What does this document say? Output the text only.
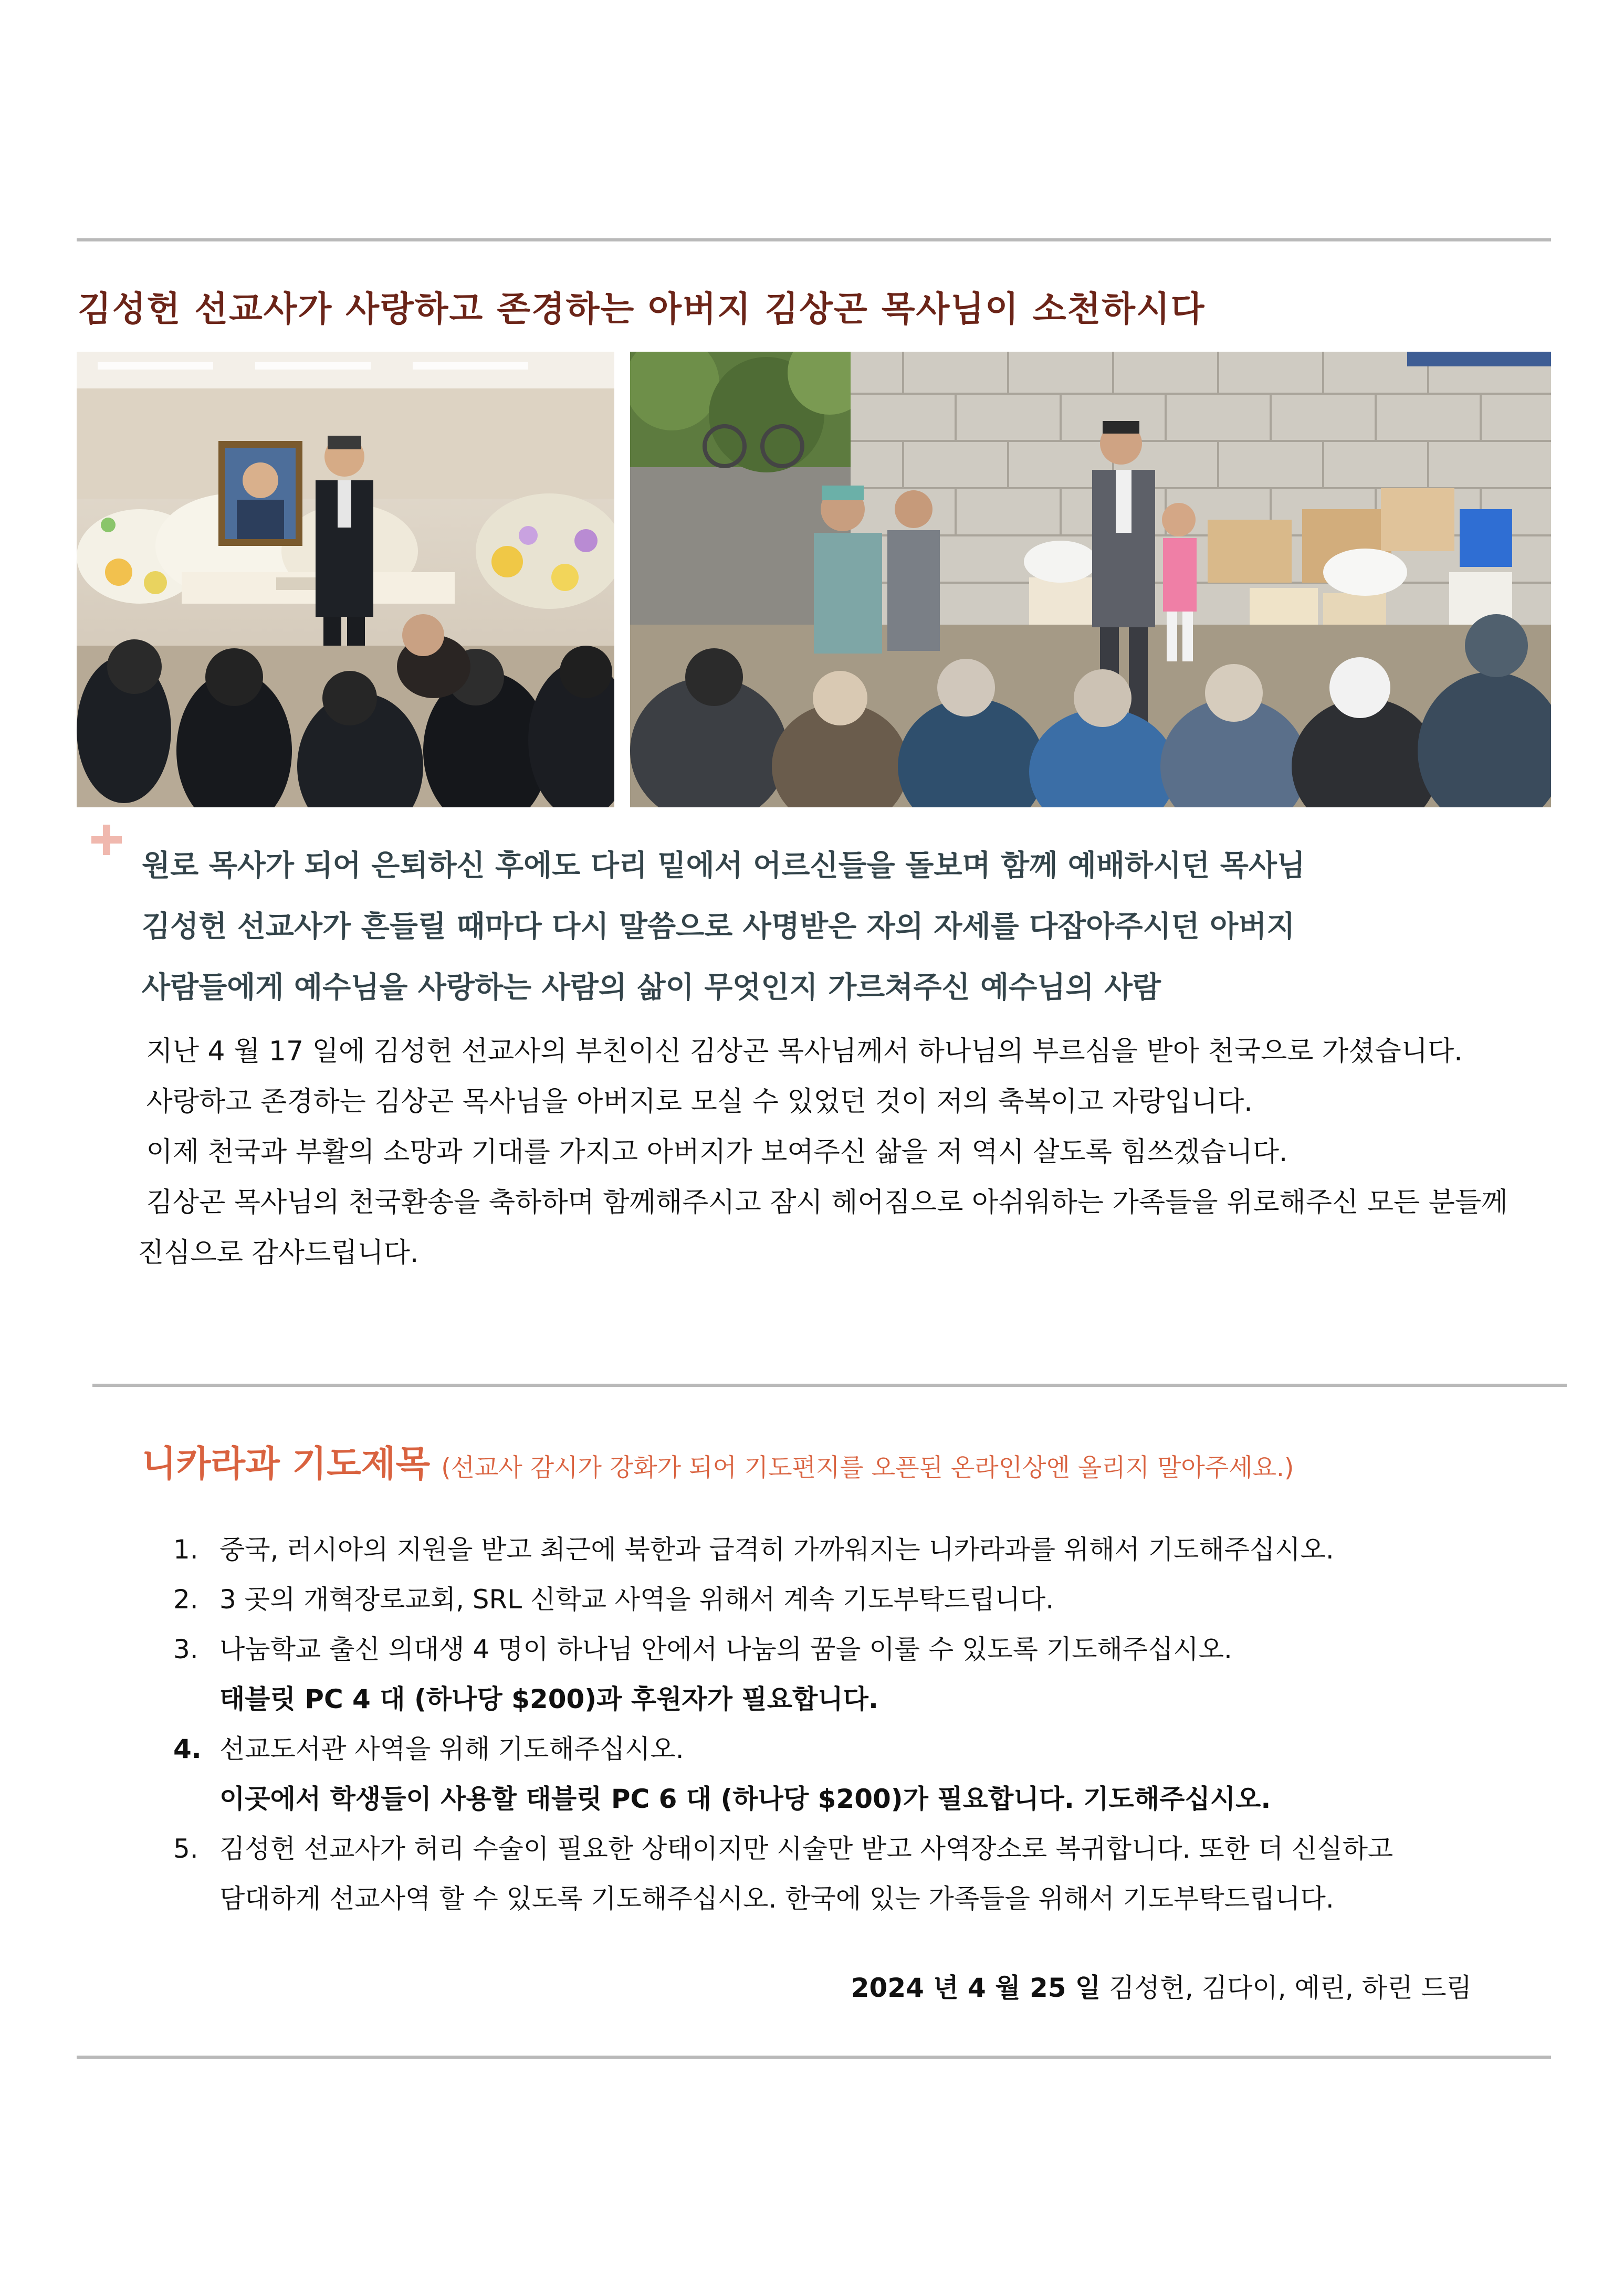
김성헌 선교사가 사랑하고 존경하는 아버지 김상곤 목사님이 소천하시다
원로 목사가 되어 은퇴하신 후에도 다리 밑에서 어르신들을 돌보며 함께 예배하시던 목사님
김성헌 선교사가 흔들릴 때마다 다시 말씀으로 사명받은 자의 자세를 다잡아주시던 아버지
사람들에게 예수님을 사랑하는 사람의 삶이 무엇인지 가르쳐주신 예수님의 사람

지난 4 월 17 일에 김성헌 선교사의 부친이신 김상곤 목사님께서 하나님의 부르심을 받아 천국으로 가셨습니다.

사랑하고 존경하는 김상곤 목사님을 아버지로 모실 수 있었던 것이 저의 축복이고 자랑입니다.

이제 천국과 부활의 소망과 기대를 가지고 아버지가 보여주신 삶을 저 역시 살도록 힘쓰겠습니다.

김상곤 목사님의 천국환송을 축하하며 함께해주시고 잠시 헤어짐으로 아쉬워하는 가족들을 위로해주신 모든 분들께 진심으로 감사드립니다.

니카라과 기도제목 (선교사 감시가 강화가 되어 기도편지를 오픈된 온라인상엔 올리지 말아주세요.)
1. 중국, 러시아의 지원을 받고 최근에 북한과 급격히 가까워지는 니카라과를 위해서 기도해주십시오.
2. 3 곳의 개혁장로교회, SRL 신학교 사역을 위해서 계속 기도부탁드립니다.
3. 나눔학교 출신 의대생 4 명이 하나님 안에서 나눔의 꿈을 이룰 수 있도록 기도해주십시오.
태블릿 PC 4 대 (하나당 $200)과 후원자가 필요합니다.
4. 선교도서관 사역을 위해 기도해주십시오.
이곳에서 학생들이 사용할 태블릿 PC 6 대 (하나당 $200)가 필요합니다. 기도해주십시오.
5. 김성헌 선교사가 허리 수술이 필요한 상태이지만 시술만 받고 사역장소로 복귀합니다. 또한 더 신실하고
담대하게 선교사역 할 수 있도록 기도해주십시오. 한국에 있는 가족들을 위해서 기도부탁드립니다.
2024 년 4 월 25 일 김성헌, 김다이, 예린, 하린 드림
